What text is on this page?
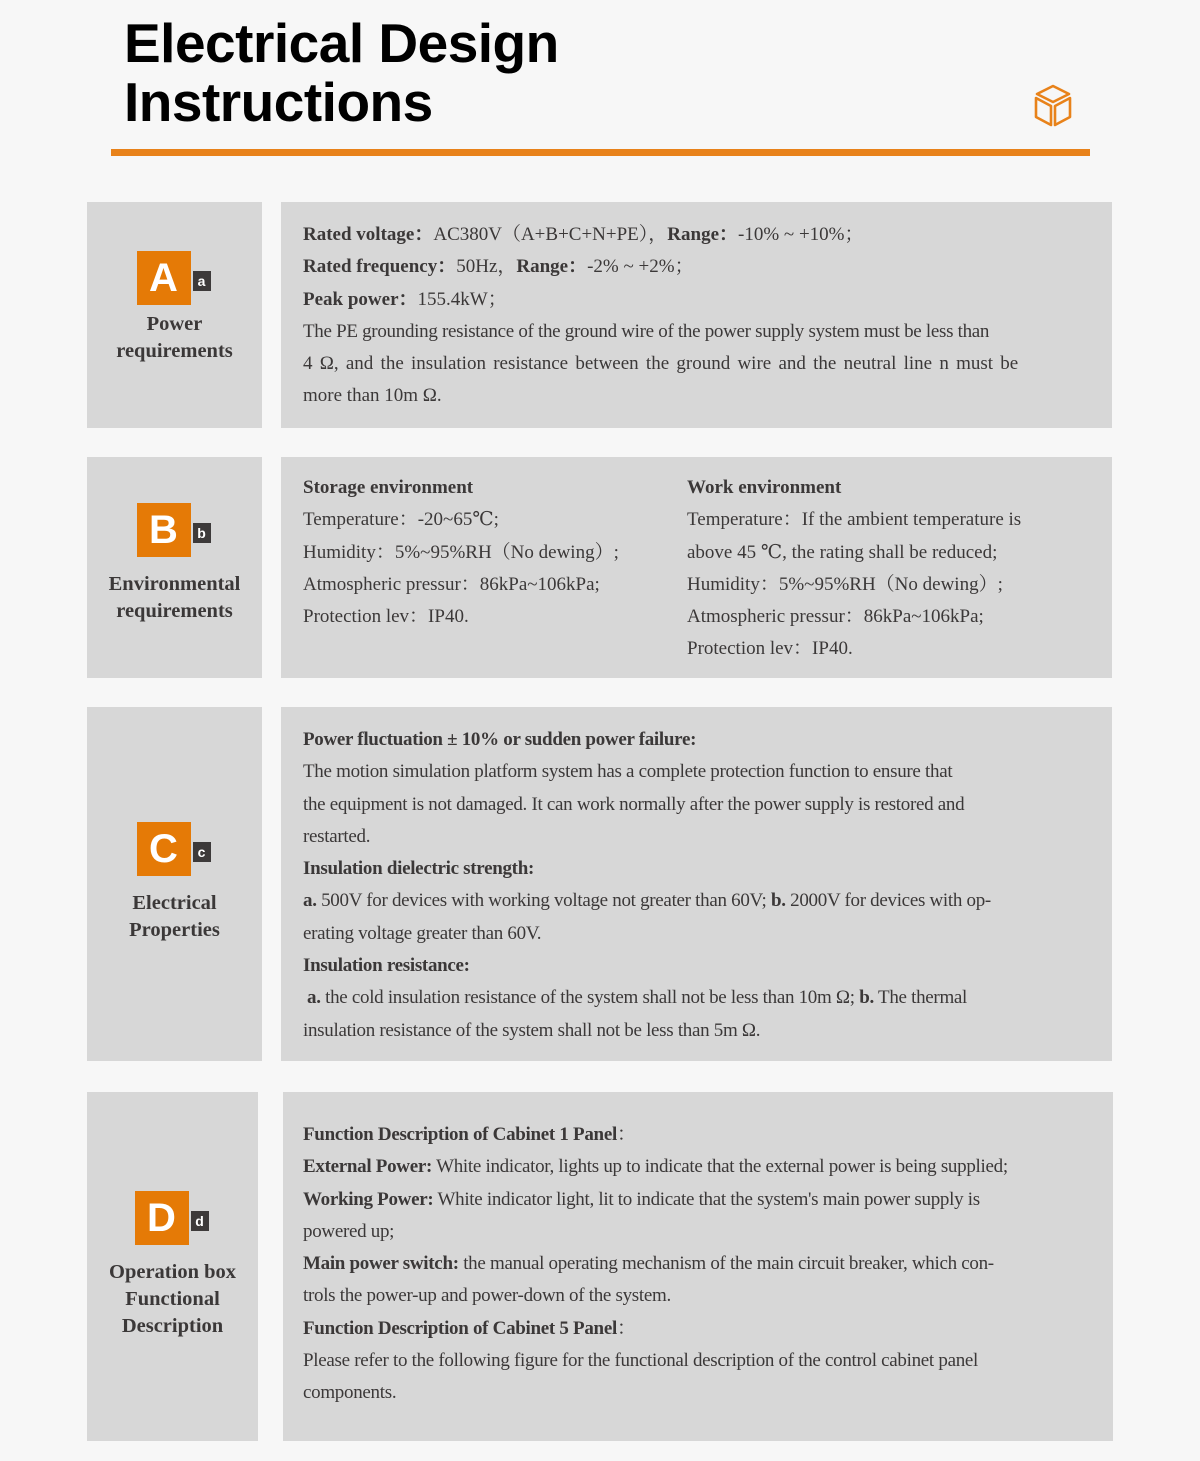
Electrical Design
Instructions
A	a
Power
requirements
Rated voltage：AC380V（A+B+C+N+PE），Range：-10% ~ +10%；
Rated frequency：50Hz，Range：-2% ~ +2%；
Peak power：155.4kW；
The PE grounding resistance of the ground wire of the power supply system must be less than
4 Ω, and the insulation resistance between the ground wire and the neutral line n must be
more than 10m Ω.
B	b
Environmental
requirements
Storage environment
Temperature：-20~65℃;
Humidity：5%~95%RH（No dewing）;
Atmospheric pressur：86kPa~106kPa;
Protection lev：IP40.
Work environment
Temperature：If the ambient temperature is
above 45 ℃, the rating shall be reduced;
Humidity：5%~95%RH（No dewing）;
Atmospheric pressur：86kPa~106kPa;
Protection lev：IP40.
C	c
Electrical
Properties
Power fluctuation ± 10% or sudden power failure:
The motion simulation platform system has a complete protection function to ensure that
the equipment is not damaged. It can work normally after the power supply is restored and
restarted.
Insulation dielectric strength:
a. 500V for devices with working voltage not greater than 60V; b. 2000V for devices with op-
erating voltage greater than 60V.
Insulation resistance:
a. the cold insulation resistance of the system shall not be less than 10m Ω; b. The thermal
insulation resistance of the system shall not be less than 5m Ω.
D	d
Operation box
Functional
Description
Function Description of Cabinet 1 Panel：
External Power: White indicator, lights up to indicate that the external power is being supplied;
Working Power: White indicator light, lit to indicate that the system's main power supply is
powered up;
Main power switch: the manual operating mechanism of the main circuit breaker, which con-
trols the power-up and power-down of the system.
Function Description of Cabinet 5 Panel：
Please refer to the following figure for the functional description of the control cabinet panel
components.
